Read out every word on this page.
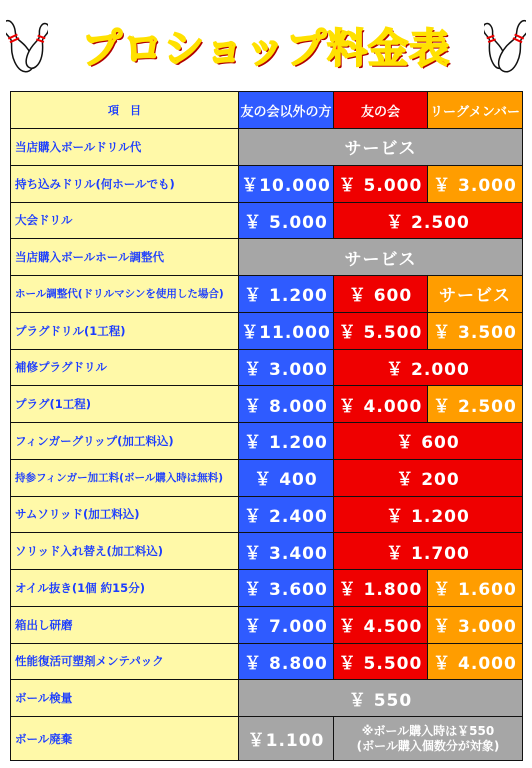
プロショップ料金表
項　目	友の会以外の方	友の会	リーグメンバー
当店購入ボールドリル代	サービス		
持ち込みドリル(何ホールでも)	￥10.000	￥ 5.000	￥ 3.000
大会ドリル	￥ 5.000	￥ 2.500	
当店購入ボールホール調整代	サービス		
ホール調整代(ドリルマシンを使用した場合)	￥ 1.200	￥ 600	サービス
プラグドリル(1工程)	￥11.000	￥ 5.500	￥ 3.500
補修プラグドリル	￥ 3.000	￥ 2.000	
プラグ(1工程)	￥ 8.000	￥ 4.000	￥ 2.500
フィンガーグリップ(加工料込)	￥ 1.200	￥ 600	
持参フィンガー加工料(ボール購入時は無料)	￥ 400	￥ 200	
サムソリッド(加工料込)	￥ 2.400	￥ 1.200	
ソリッド入れ替え(加工料込)	￥ 3.400	￥ 1.700	
オイル抜き(1個 約15分)	￥ 3.600	￥ 1.800	￥ 1.600
箱出し研磨	￥ 7.000	￥ 4.500	￥ 3.000
性能復活可塑剤メンテパック	￥ 8.800	￥ 5.500	￥ 4.000
ボール検量	￥ 550		
ボール廃棄	￥1.100	※ボール購入時は￥550
(ボール購入個数分が対象)	
